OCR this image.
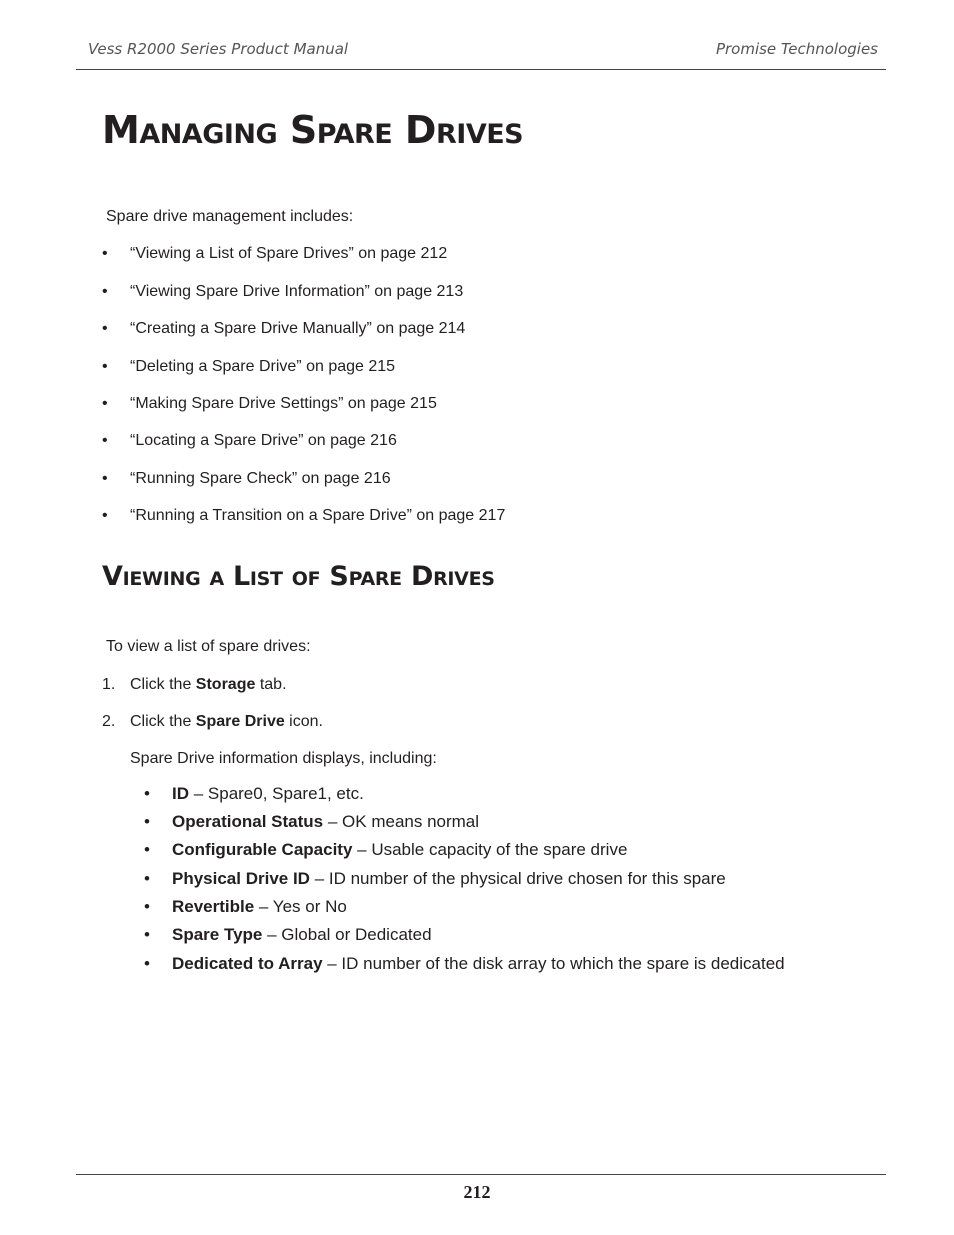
Vess R2000 Series Product Manual	Promise Technologies
Managing Spare Drives
Spare drive management includes:
• “Viewing a List of Spare Drives” on page 212
• “Viewing Spare Drive Information” on page 213
• “Creating a Spare Drive Manually” on page 214
• “Deleting a Spare Drive” on page 215
• “Making Spare Drive Settings” on page 215
• “Locating a Spare Drive” on page 216
• “Running Spare Check” on page 216
• “Running a Transition on a Spare Drive” on page 217
Viewing a List of Spare Drives
To view a list of spare drives:
1. Click the Storage tab.
2. Click the Spare Drive icon.
Spare Drive information displays, including:
• ID – Spare0, Spare1, etc.
• Operational Status – OK means normal
• Configurable Capacity – Usable capacity of the spare drive
• Physical Drive ID – ID number of the physical drive chosen for this spare
• Revertible – Yes or No
• Spare Type – Global or Dedicated
• Dedicated to Array – ID number of the disk array to which the spare is dedicated
212
